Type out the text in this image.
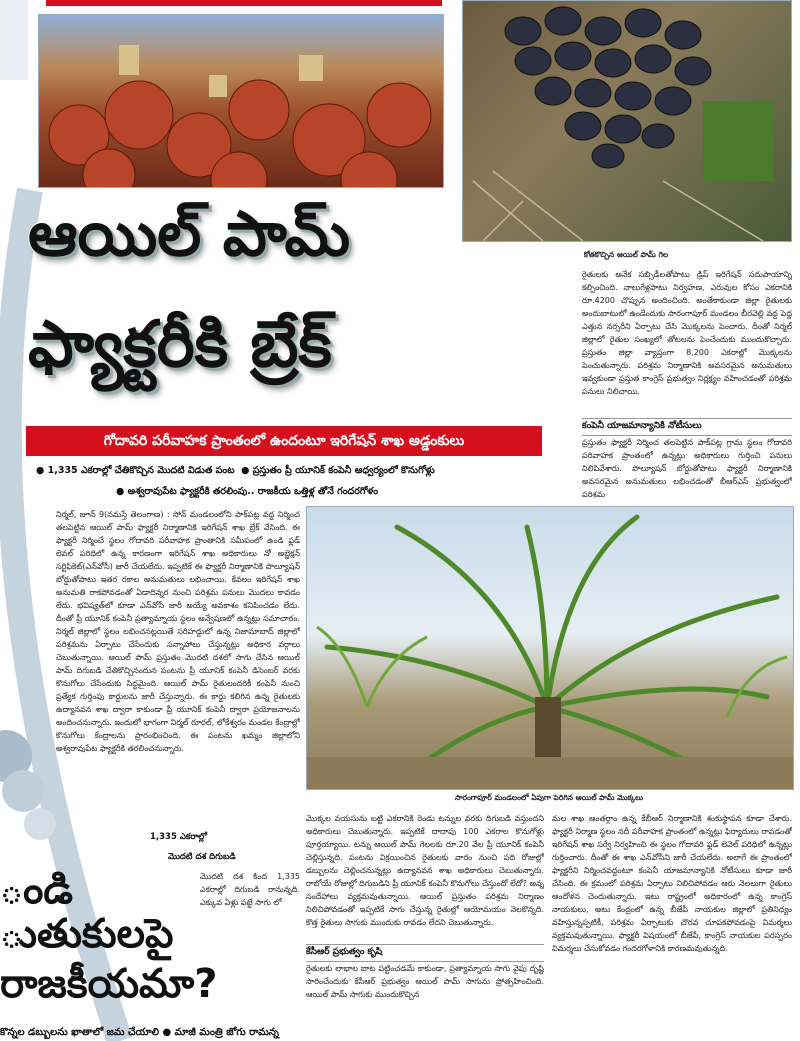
కోతకొచ్చిన ఆయిల్ పామ్ గెల
ఆయిల్ పామ్
ఫ్యాక్టరీకి బ్రేక్
గోదావరి పరీవాహక ప్రాంతంలో ఉందంటూ ఇరిగేషన్ శాఖ అడ్డంకులు
● 1,335 ఎకరాల్లో చేతికొచ్చిన మొదటి విడుత పంట  ● ప్రస్తుతం ప్రీ యూనిక్ కంపెనీ ఆధ్వర్యంలో కొనుగోళ్లు
● అశ్వరావుపేట ఫ్యాక్టరీకి తరలింపు.. రాజకీయ ఒత్తిళ్ల తోనే గందరగోళం
రైతులకు అనేక సబ్సిడీలతోపాటు డ్రిప్ ఇరిగేషన్ సదుపాయాన్ని కల్పించింది. నాలుగేళ్లపాటు నిర్వహణ, ఎరువుల కోసం ఎకరానికి రూ.4200 చొప్పున అందించింది. అంతేకాకుండా జిల్లా రైతులకు అందుబాటులో ఉండేందుకు సారంగాపూర్ మండలం బీరవెల్లి వద్ద పెద్ద ఎత్తున నర్సరీని ఏర్పాటు చేసి మొక్కలను పెంచారు. దీంతో నిర్మల్ జిల్లాలో రైతుల సంఖ్యలో తోటలను పెంచేందుకు ముందుకొచ్చారు. ప్రస్తుతం జిల్లా వ్యాప్తంగా 8,200 ఎకరాల్లో మొక్కలను పెంచుతున్నారు. పరిశ్రమ నిర్మాణానికి అవసరమైన అనుమతులు ఇవ్వకుండా ప్రస్తుత కాంగ్రెస్ ప్రభుత్వం నిర్లక్ష్యం వహించడంతో పరిశ్రమ పనులు నిలిచాయి.
కంపెనీ యాజమాన్యానికి నోటీసులు
ప్రస్తుతం ఫ్యాక్టరీ నిర్మించ తలపెట్టిన పాక్‌పట్ల గ్రామ స్థలం గోదావరి పరివాహక ప్రాంతంలో ఉన్నట్లు అధికారులు గుర్తించి పనులు నిలిపివేశారు. పొల్యూషన్ బోర్డుతోపాటు ఫ్యాక్టరీ నిర్మాణానికి అవసరమైన అనుమతులు లభించడంతో బీఆర్ఎస్ ప్రభుత్వంలో పరిశ్రమ
సారంగాపూర్ మండలంలో ఏపుగా పెరిగిన ఆయిల్ పామ్ మొక్కలు
నిర్మల్, జూన్ 9(నమస్తే తెలంగాణ) : సోన్ మండలంలోని పాక్‌పట్ల వద్ద నిర్మించ తలపెట్టిన ఆయిల్ పామ్ ఫ్యాక్టరీ నిర్మాణానికి ఇరిగేషన్ శాఖ బ్రేక్ వేసింది. ఈ ఫ్యాక్టరీ నిర్మించే స్థలం గోదావరి పరీవాహక ప్రాంతానికి సమీపంలో ఉండి ఫ్లడ్ లెవల్ పరిధిలో ఉన్న కారణంగా ఇరిగేషన్ శాఖ అధికారులు నో అబ్జెక్షన్ సర్టిఫికెట్(ఎన్‌వోసీ) జారీ చేయలేదు. ఇప్పటికే ఈ ఫ్యాక్టరీ నిర్మాణానికి పొల్యూషన్ బోర్డుతోపాటు ఇతర రకాల అనుమతులు లభించాయి. కేవలం ఇరిగేషన్ శాఖ అనుమతి రాకపోవడంతో ఏడాదిన్నర నుంచి పరిశ్రమ పనులు మొదలు కావడం లేదు. భవిష్యత్‌లో కూడా ఎన్‌వోసీ జారీ అయ్యే అవకాశం కనిపించడం లేదు. దీంతో ప్రీ యూనిక్ కంపెనీ ప్రత్యామ్నాయ స్థలం అన్వేషణలో ఉన్నట్లు సమాచారం. నిర్మల్ జిల్లాలో స్థలం లభించనట్లయితే సరిహద్దులో ఉన్న నిజామాబాద్ జిల్లాలో పరిశ్రమను ఏర్పాటు చేసేందుకు సన్నాహాలు చేస్తున్నట్లు అధికార వర్గాలు చెబుతున్నాయి. ఆయిల్ పామ్ ప్రస్తుతం మొదటి దశలో సాగు చేసిన ఆయిల్ పామ్ దిగుబడి చేతికొచ్చినందున పంటను ప్రీ యూనిక్ కంపెనీ డిసెంబర్ వరకు కొనుగోలు చేసేందుకు సిద్ధమైంది. ఆయిల్ పామ్ రైతులందరికీ కంపెనీ నుంచి ప్రత్యేక గుర్తింపు కార్డులను జారీ చేస్తున్నారు. ఈ కార్డు కలిగిన ఉన్న రైతులకు ఉద్యానవన శాఖ ద్వారా కాకుండా ప్రీ యూనిక్ కంపెనీ ద్వారా ప్రయోజనాలను అందించనున్నారు. ఇందులో భాగంగా నిర్మల్ రూరల్, లోకేశ్వరం మండల కేంద్రాల్లో కొనుగోలు కేంద్రాలను ప్రారంభించింది. ఈ పంటను ఖమ్మం జిల్లాలోని అశ్వరావుపేట ఫ్యాక్టరీకి తరలించనున్నారు.
1,335 ఎకరాల్లో
మొదటి దశ దిగుబడి
మొదటి దశ కింద 1,335 ఎకరాల్లో దిగుబడి రానున్నది. ఎక్కువ ఏళ్లు పట్టే సాగు లో
మొక్కల వయసును బట్టి ఎకరానికి రెండు టన్నుల వరకు దిగుబడి వస్తుందని అధికారులు చెబుతున్నారు. ఇప్పటికే దాదాపు 100 ఎకరాల కొనుగోళ్లు పూర్తయ్యాయి. టన్ను ఆయిల్ పామ్ గెలలకు రూ.20 వేల ప్రీ యూనిక్ కంపెనీ చెల్లిస్తున్నది. పంటను విక్రయించిన రైతులకు వారం నుంచి పది రోజుల్లో డబ్బులను చెల్లించనున్నట్లు ఉద్యానవన శాఖ అధికారులు చెబుతున్నారు. రాబోయే రోజుల్లో దిగుబడిని ప్రీ యూనిక్ కంపెనీ కొనుగోలు చేస్తుందో లేదో? అన్న సందేహాలు వ్యక్తమవుతున్నాయి. ఆయిల్ ప్రస్తుతం పరిశ్రమ నిర్మాణం నిలిచిపోవడంతో ఇప్పటికే సాగు చేస్తున్న రైతుల్లో ఆయోమయం నెలకొన్నది. కొత్త రైతులు సాగుకు ముందుకు రావడం లేదని చెబుతున్నారు.
కేసీఆర్ ప్రభుత్వం కృషి
రైతులకు లాభాల బాట పట్టించడమే కాకుండా, ప్రత్యామ్నాయ సాగు వైపు దృష్టి సారించేందుకు కేసీఆర్ ప్రభుత్వం ఆయిల్ పామ్ సాగును ప్రోత్సహించింది. ఆయిల్ పామ్ సాగుకు ముందుకొచ్చిన
మల శాఖ ఆంతర్గాం ఉన్న కేబీఆర్ నిర్మాణానికి శంకుస్థాపన కూడా చేశారు. ఫ్యాక్టరీ నిర్మాణ స్థలం నదీ పరీవాహక ప్రాంతంలో ఉన్నట్లు ఫిర్యాదులు రావడంతో ఇరిగేషన్ శాఖ సర్వే నిర్వహించి ఈ స్థలం గోదావరి ఫ్లడ్ లెవెల్ పరిధిలో ఉన్నట్లు గుర్తించారు. దీంతో ఈ శాఖ ఎన్‌వోసీని జారీ చేయలేదు. అలాగే ఈ ప్రాంతంలో ఫ్యాక్టరీని నిర్మించవద్దంటూ కంపెనీ యాజమాన్యానికి నోటీసులు కూడా జారీ చేసింది. ఈ క్రమంలో పరిశ్రమ ఏర్పాటు నిలిచిపోవడం ఆరు నెలలుగా రైతులు ఆందోళన చెందుతున్నారు. ఇటు రాష్ట్రంలో అధికారంలో ఉన్న కాంగ్రెస్ నాయకులు, అటు కేంద్రంలో ఉన్న బీజేపీ నాయకుల జిల్లాలో ప్రతినిధ్యం వహిస్తున్నప్పటికీ, పరిశ్రమ ఏర్పాటుకు చొరవ చూపకపోవడంపై విమర్శలు వ్యక్తమవుతున్నాయి. ఫ్యాక్టరీ విషయంలో బీజేపీ, కాంగ్రెస్ నాయకుల పరస్పరం విమర్శలు చేసుకోవడం గందరగోళానికి కారణమవుతున్నది.
ండి
ుతుకులపై
రాజకీయమా?
కొన్నల డబ్బులను ఖాతాలో జమ చేయాలి ● మాజీ మంత్రి జోగు రామన్న
